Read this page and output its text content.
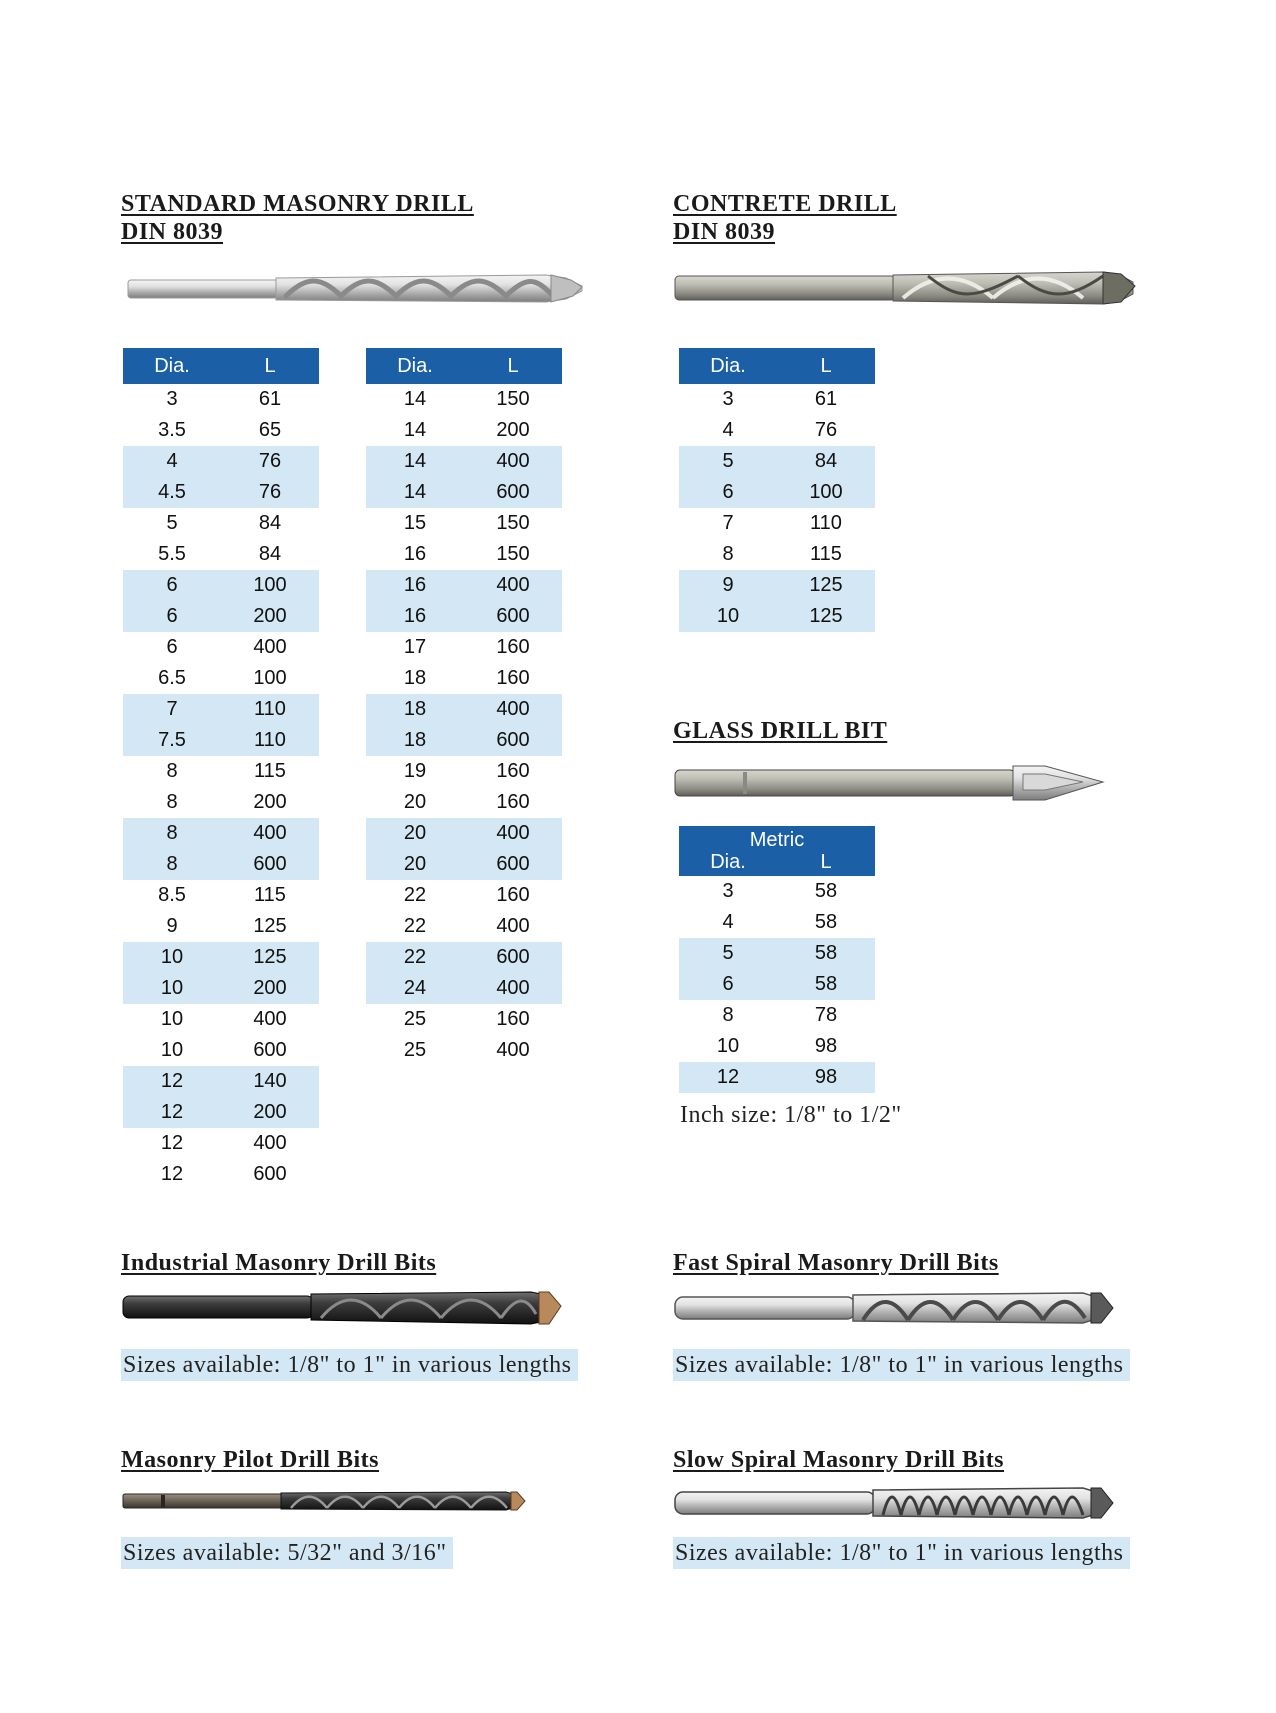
STANDARD MASONRY DRILL
DIN 8039
Dia.	L
3	61
3.5	65
4	76
4.5	76
5	84
5.5	84
6	100
6	200
6	400
6.5	100
7	110
7.5	110
8	115
8	200
8	400
8	600
8.5	115
9	125
10	125
10	200
10	400
10	600
12	140
12	200
12	400
12	600
Dia.	L
14	150
14	200
14	400
14	600
15	150
16	150
16	400
16	600
17	160
18	160
18	400
18	600
19	160
20	160
20	400
20	600
22	160
22	400
22	600
24	400
25	160
25	400
CONTRETE DRILL
DIN 8039
Dia.	L
3	61
4	76
5	84
6	100
7	110
8	115
9	125
10	125
GLASS DRILL BIT
Metric
Dia. L	

3	58
4	58
5	58
6	58
8	78
10	98
12	98

Inch size: 1/8" to 1/2"

Industrial Masonry Drill Bits

Sizes available: 1/8" to 1" in various lengths

Fast Spiral Masonry Drill Bits

Sizes available: 1/8" to 1" in various lengths

Masonry Pilot Drill Bits

Sizes available: 5/32" and 3/16"

Slow Spiral Masonry Drill Bits

Sizes available: 1/8" to 1" in various lengths
